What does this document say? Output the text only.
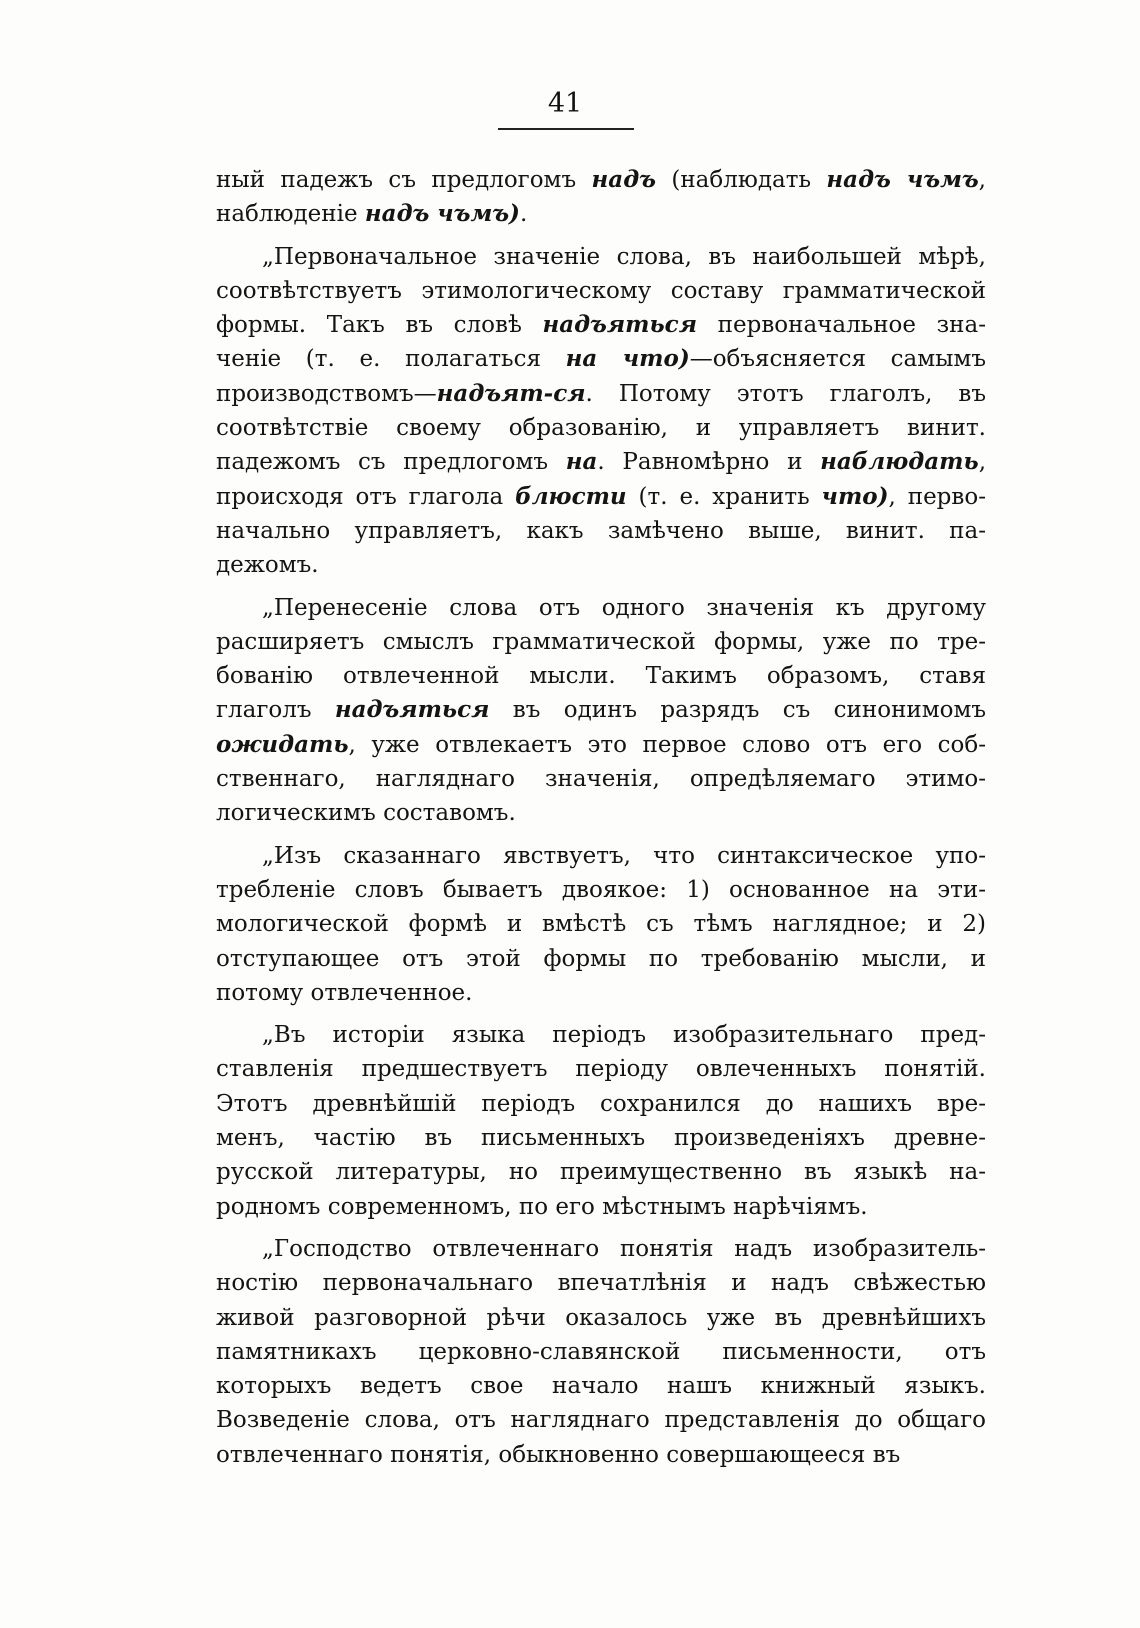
41
ный падежъ съ предлогомъ надъ (наблюдать надъ чъмъ,
наблюденіе надъ чъмъ).
„Первоначальное значеніе слова, въ наибольшей мѣрѣ,
соотвѣтствуетъ этимологическому составу грамматической
формы. Такъ въ словѣ надъяться первоначальное зна-
ченіе (т. е. полагаться на что)—объясняется самымъ
производствомъ—надъят-ся. Потому этотъ глаголъ, въ
соотвѣтствіе своему образованію, и управляетъ винит.
падежомъ съ предлогомъ на. Равномѣрно и наблюдать,
происходя отъ глагола блюсти (т. е. хранить что), перво-
начально управляетъ, какъ замѣчено выше, винит. па-
дежомъ.
„Перенесеніе слова отъ одного значенія къ другому
расширяетъ смыслъ грамматической формы, уже по тре-
бованію отвлеченной мысли. Такимъ образомъ, ставя
глаголъ надъяться въ одинъ разрядъ съ синонимомъ
ожидать, уже отвлекаетъ это первое слово отъ его соб-
ственнаго, нагляднаго значенія, опредѣляемаго этимо-
логическимъ составомъ.
„Изъ сказаннаго явствуетъ, что синтаксическое упо-
требленіе словъ бываетъ двоякое: 1) основанное на эти-
мологической формѣ и вмѣстѣ съ тѣмъ наглядное; и 2)
отступающее отъ этой формы по требованію мысли, и
потому отвлеченное.
„Въ исторіи языка періодъ изобразительнаго пред-
ставленія предшествуетъ періоду овлеченныхъ понятій.
Этотъ древнѣйшій періодъ сохранился до нашихъ вре-
менъ, частію въ письменныхъ произведеніяхъ древне-
русской литературы, но преимущественно въ языкѣ на-
родномъ современномъ, по его мѣстнымъ нарѣчіямъ.
„Господство отвлеченнаго понятія надъ изобразитель-
ностію первоначальнаго впечатлѣнія и надъ свѣжестью
живой разговорной рѣчи оказалось уже въ древнѣйшихъ
памятникахъ церковно-славянской письменности, отъ
которыхъ ведетъ свое начало нашъ книжный языкъ.
Возведеніе слова, отъ нагляднаго представленія до общаго
отвлеченнаго понятія, обыкновенно совершающееся въ
